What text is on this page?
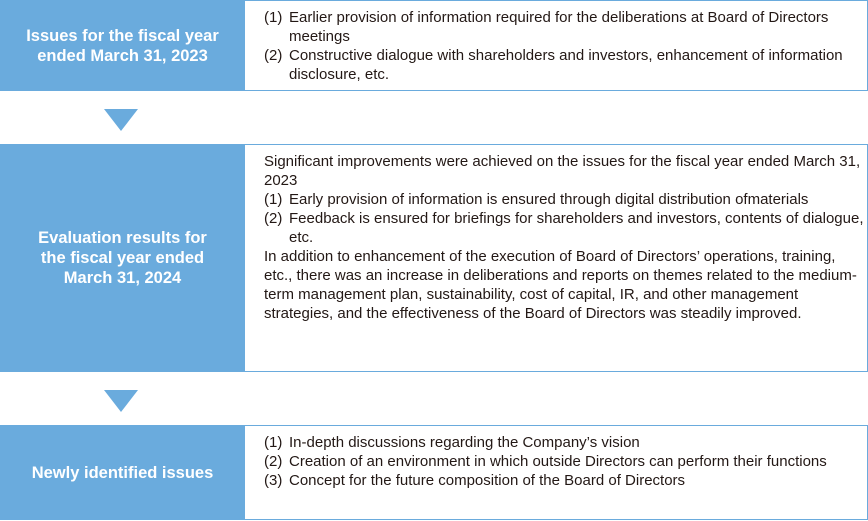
Issues for the fiscal year
ended March 31, 2023
(1) Earlier provision of information required for the deliberations at Board of Directors meetings
(2) Constructive dialogue with shareholders and investors, enhancement of information disclosure, etc.
Evaluation results for
the fiscal year ended
March 31, 2024
Significant improvements were achieved on the issues for the fiscal year ended March 31, 2023
(1) Early provision of information is ensured through digital distribution ofmaterials
(2) Feedback is ensured for briefings for shareholders and investors, contents of dialogue, etc.
In addition to enhancement of the execution of Board of Directors’ operations, training, etc., there was an increase in deliberations and reports on themes related to the medium-term management plan, sustainability, cost of capital, IR, and other management strategies, and the effectiveness of the Board of Directors was steadily improved.
Newly identified issues
(1) In-depth discussions regarding the Company’s vision
(2) Creation of an environment in which outside Directors can perform their functions
(3) Concept for the future composition of the Board of Directors
